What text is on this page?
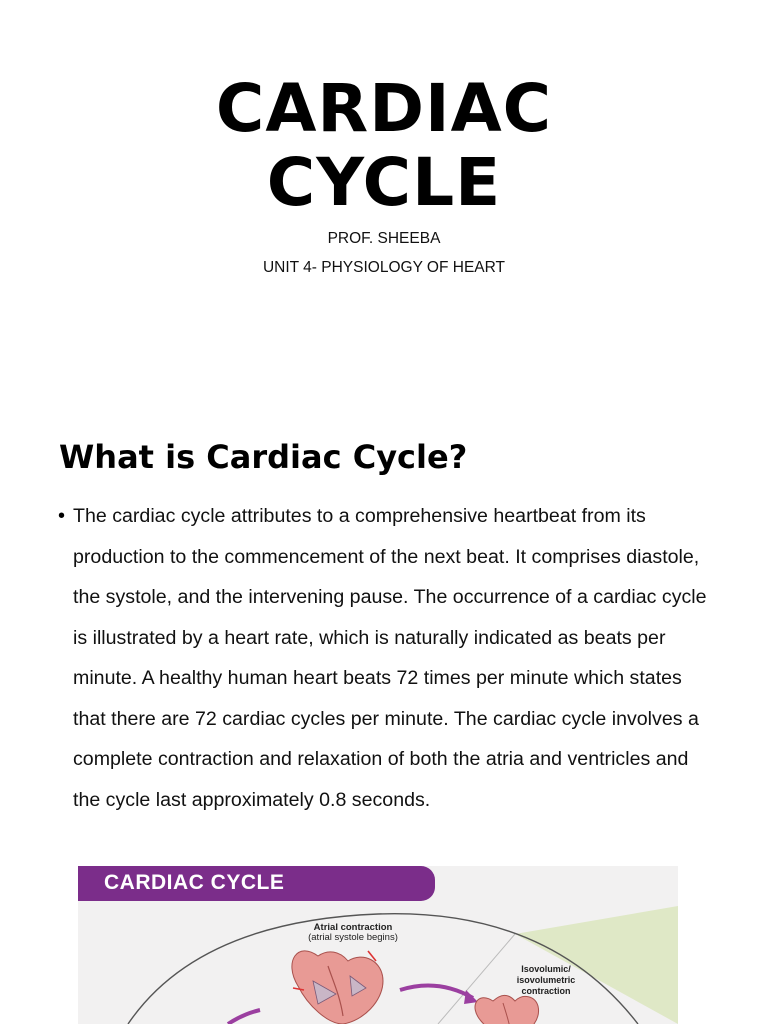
CARDIAC
CYCLE
PROF. SHEEBA
UNIT 4- PHYSIOLOGY OF HEART
What is Cardiac Cycle?
• The cardiac cycle attributes to a comprehensive heartbeat from its production to the commencement of the next beat. It comprises diastole, the systole, and the intervening pause. The occurrence of a cardiac cycle is illustrated by a heart rate, which is naturally indicated as beats per minute. A healthy human heart beats 72 times per minute which states that there are 72 cardiac cycles per minute. The cardiac cycle involves a complete contraction and relaxation of both the atria and ventricles and the cycle last approximately 0.8 seconds.

CARDIAC CYCLE
Atrial contraction
(atrial systole begins)
Isovolumic/ isovolumetric contraction
